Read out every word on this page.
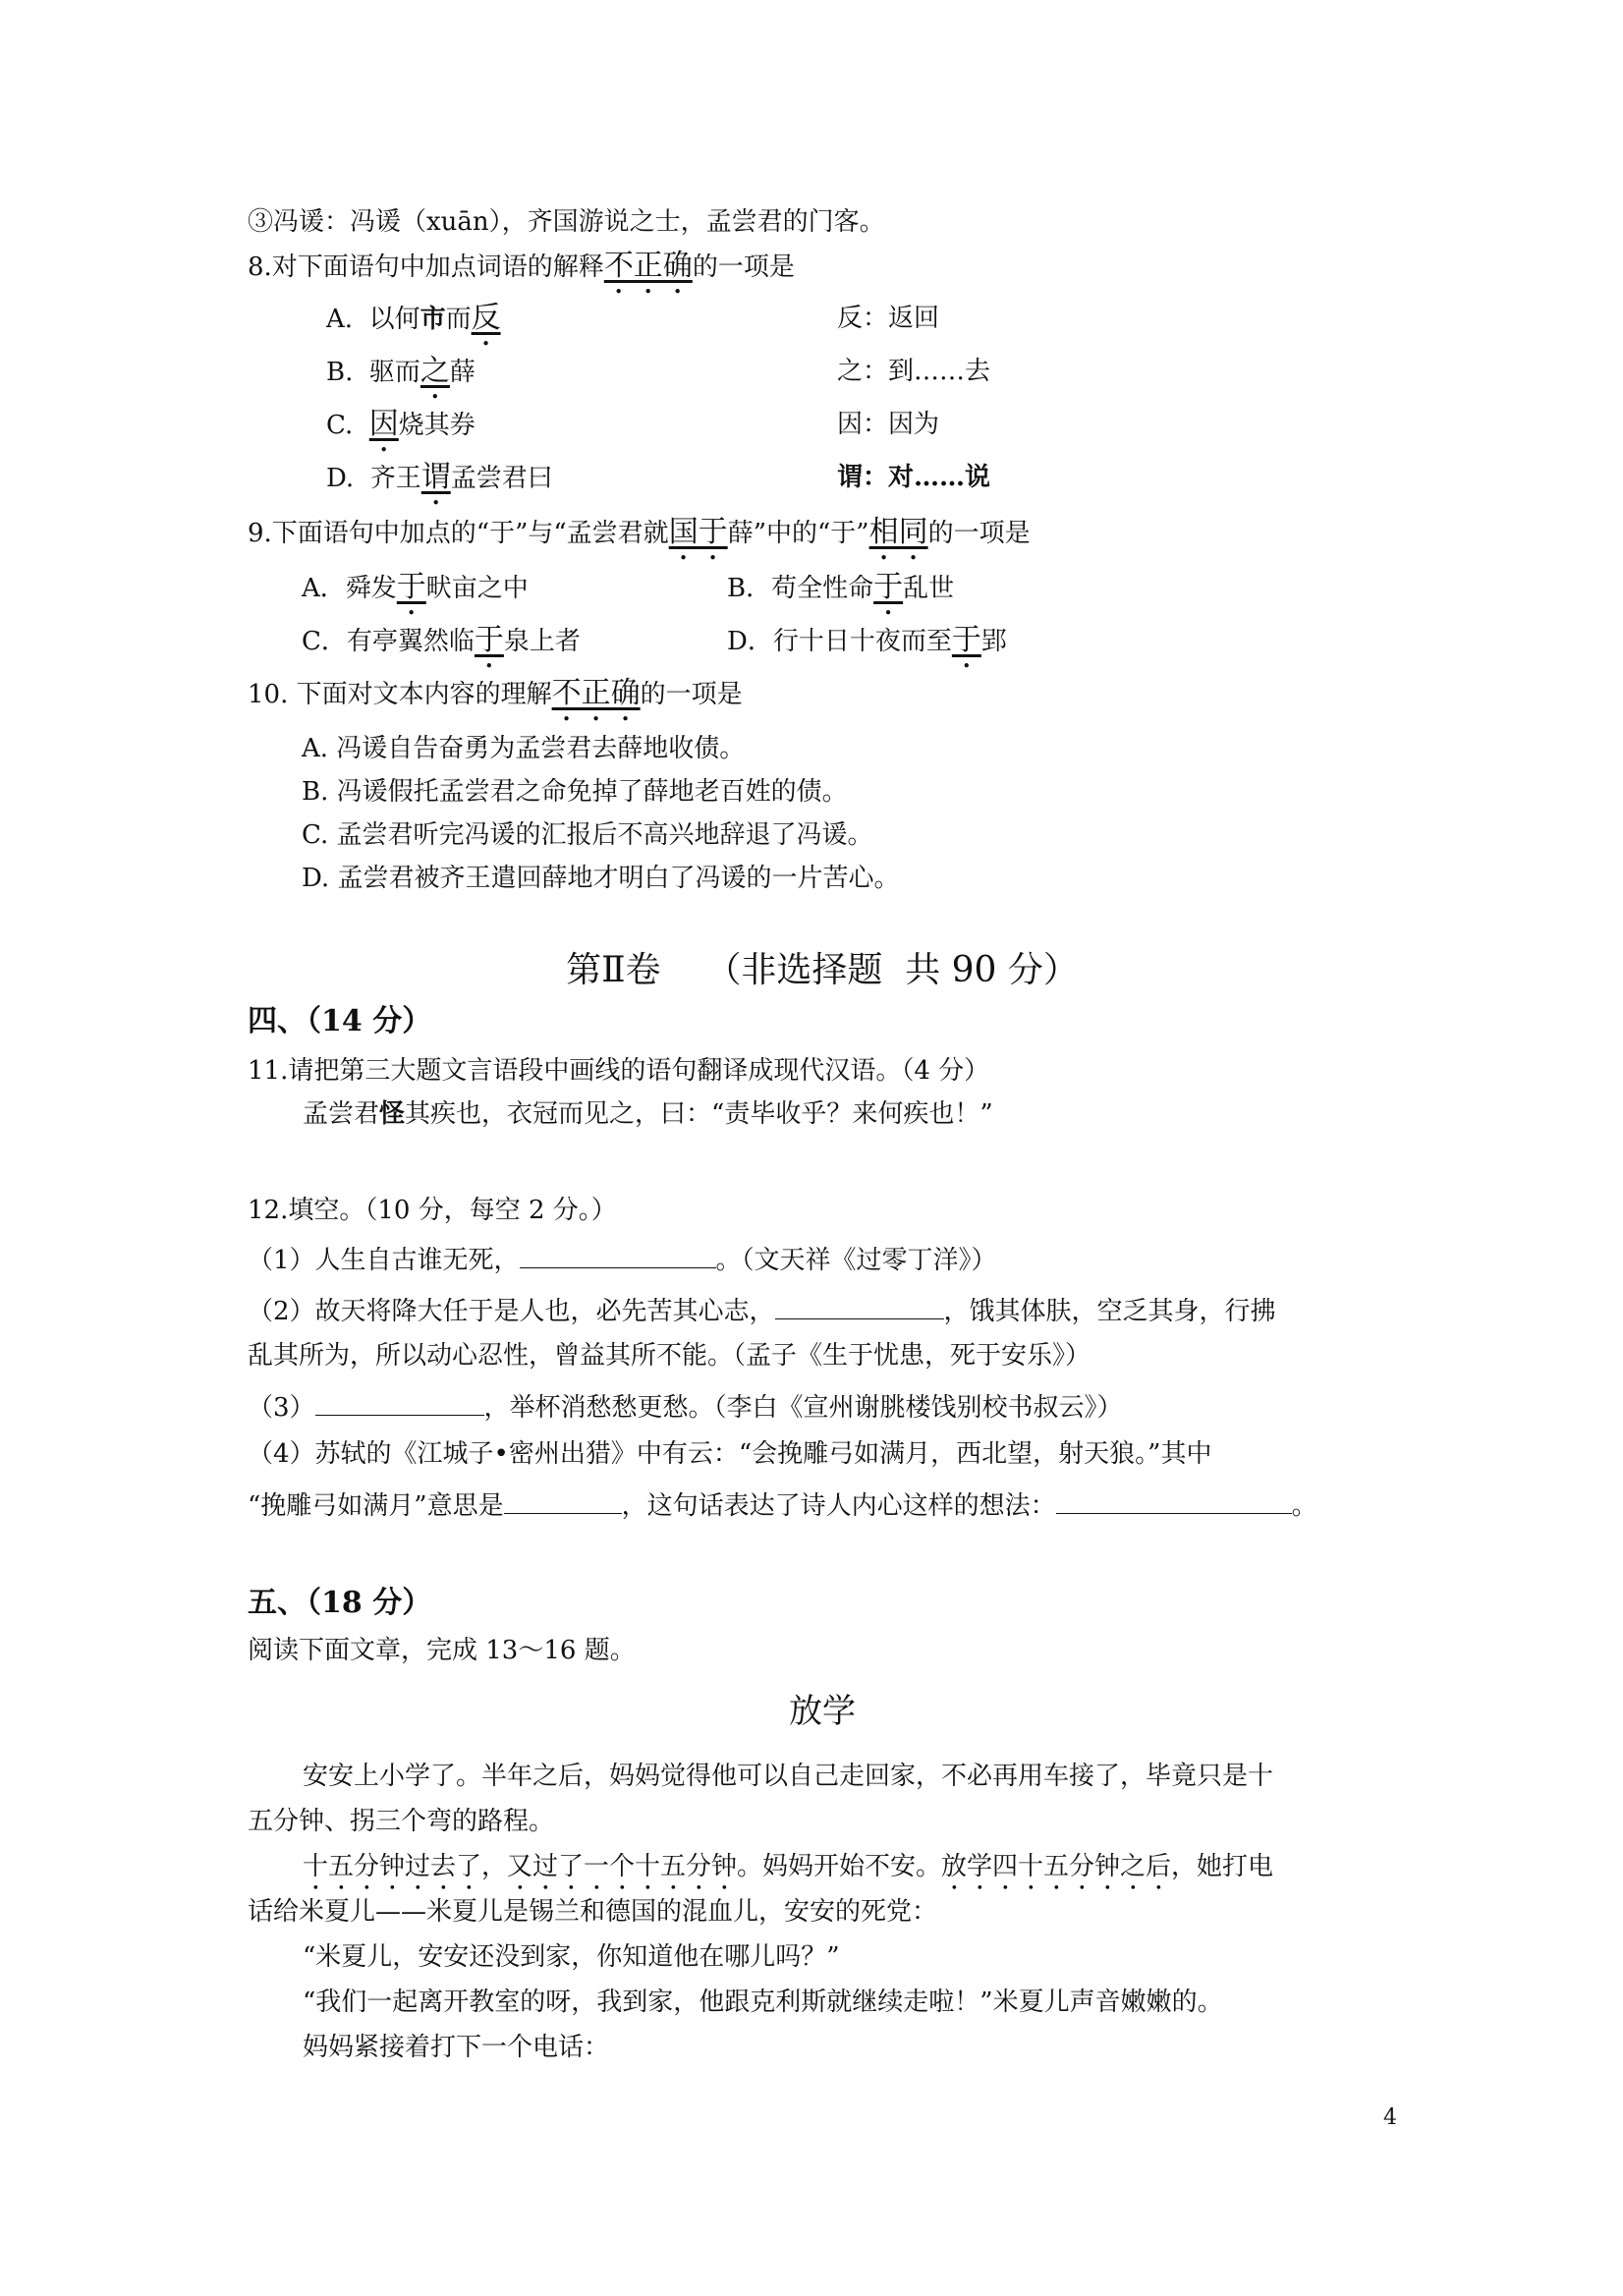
③冯谖：冯谖（xuān），齐国游说之士，孟尝君的门客。
8.对下面语句中加点词语的解释不正确的一项是
A. 以何市而反	反：返回
B. 驱而之薛	之：到……去
C. 因烧其券	因：因为
D. 齐王谓孟尝君曰	谓：对……说
9.下面语句中加点的“于”与“孟尝君就国于薛”中的“于”相同的一项是
A．舜发于畎亩之中	B．苟全性命于乱世
C．有亭翼然临于泉上者	D．行十日十夜而至于郢
10. 下面对文本内容的理解不正确的一项是
A. 冯谖自告奋勇为孟尝君去薛地收债。
B. 冯谖假托孟尝君之命免掉了薛地老百姓的债。
C. 孟尝君听完冯谖的汇报后不高兴地辞退了冯谖。
D. 孟尝君被齐王遣回薛地才明白了冯谖的一片苦心。
第Ⅱ卷    （非选择题  共 90 分）
四、（14 分）
11.请把第三大题文言语段中画线的语句翻译成现代汉语。（4 分）
孟尝君怪其疾也，衣冠而见之，曰：“责毕收乎？来何疾也！”
12.填空。（10 分，每空 2 分。）
（1）人生自古谁无死，	。（文天祥《过零丁洋》）
（2）故天将降大任于是人也，必先苦其心志，	，饿其体肤，空乏其身，行拂
乱其所为，所以动心忍性，曾益其所不能。（孟子《生于忧患，死于安乐》）
（3）	，举杯消愁愁更愁。（李白《宣州谢朓楼饯别校书叔云》）
（4）苏轼的《江城子•密州出猎》中有云：“会挽雕弓如满月，西北望，射天狼。”其中
“挽雕弓如满月”意思是	，这句话表达了诗人内心这样的想法：	。
五、（18 分）
阅读下面文章，完成 13～16 题。
放学
安安上小学了。半年之后，妈妈觉得他可以自己走回家，不必再用车接了，毕竟只是十
五分钟、拐三个弯的路程。
十五分钟过去了，又过了一个十五分钟。妈妈开始不安。放学四十五分钟之后，她打电
话给米夏儿——米夏儿是锡兰和德国的混血儿，安安的死党：
“米夏儿，安安还没到家，你知道他在哪儿吗？”
“我们一起离开教室的呀，我到家，他跟克利斯就继续走啦！”米夏儿声音嫩嫩的。
妈妈紧接着打下一个电话：
4
